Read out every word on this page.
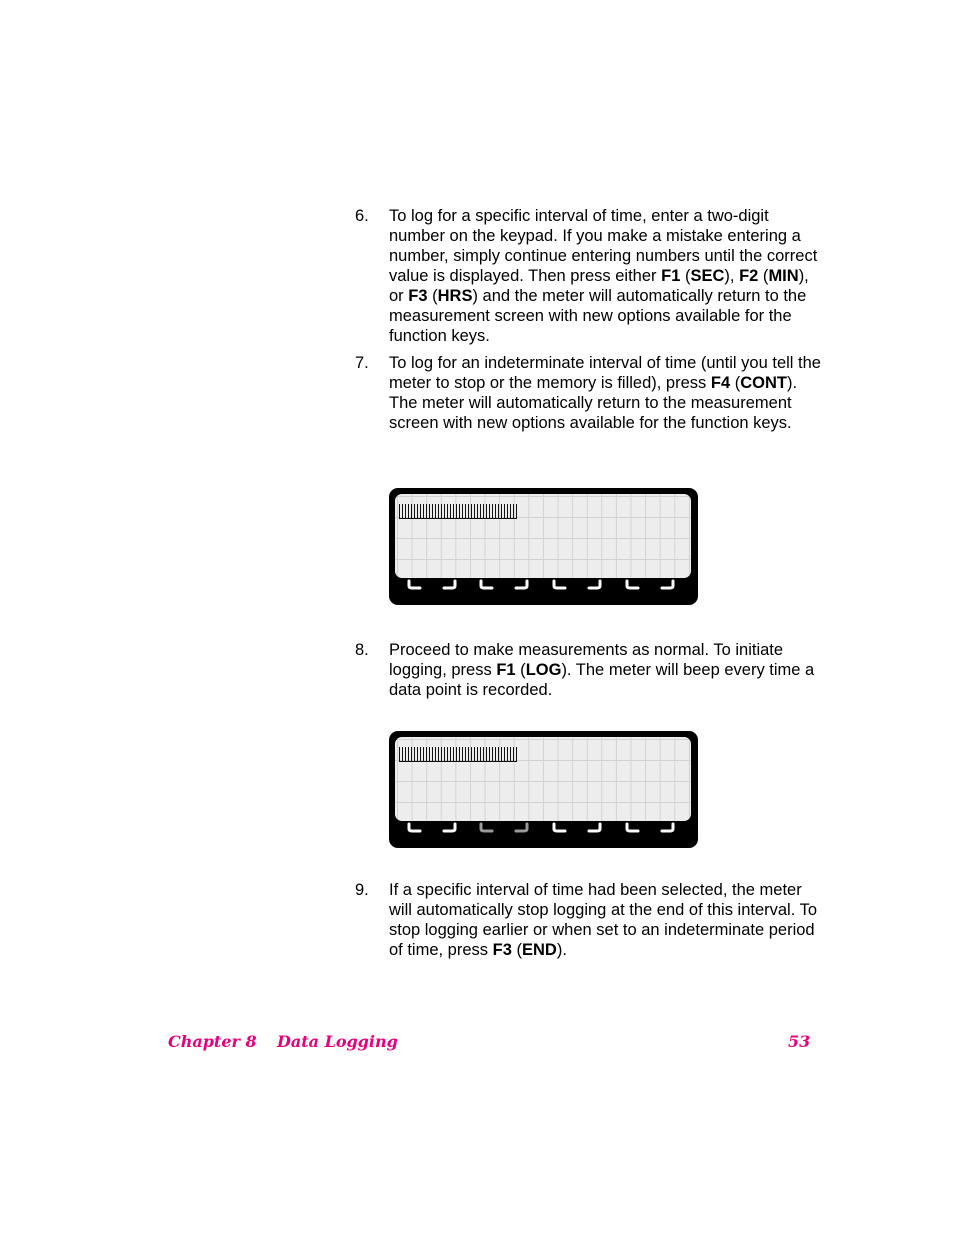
6. To log for a specific interval of time, enter a two-digit number on the keypad. If you make a mistake entering a number, simply continue entering numbers until the correct value is displayed. Then press either F1 (SEC), F2 (MIN), or F3 (HRS) and the meter will automatically return to the measurement screen with new options available for the function keys.
7. To log for an indeterminate interval of time (until you tell the meter to stop or the memory is filled), press F4 (CONT). The meter will automatically return to the measurement screen with new options available for the function keys.
8. Proceed to make measurements as normal. To initiate logging, press F1 (LOG). The meter will beep every time a data point is recorded.
9. If a specific interval of time had been selected, the meter will automatically stop logging at the end of this interval. To stop logging earlier or when set to an indeterminate period of time, press F3 (END).
Chapter 8 Data Logging	53
